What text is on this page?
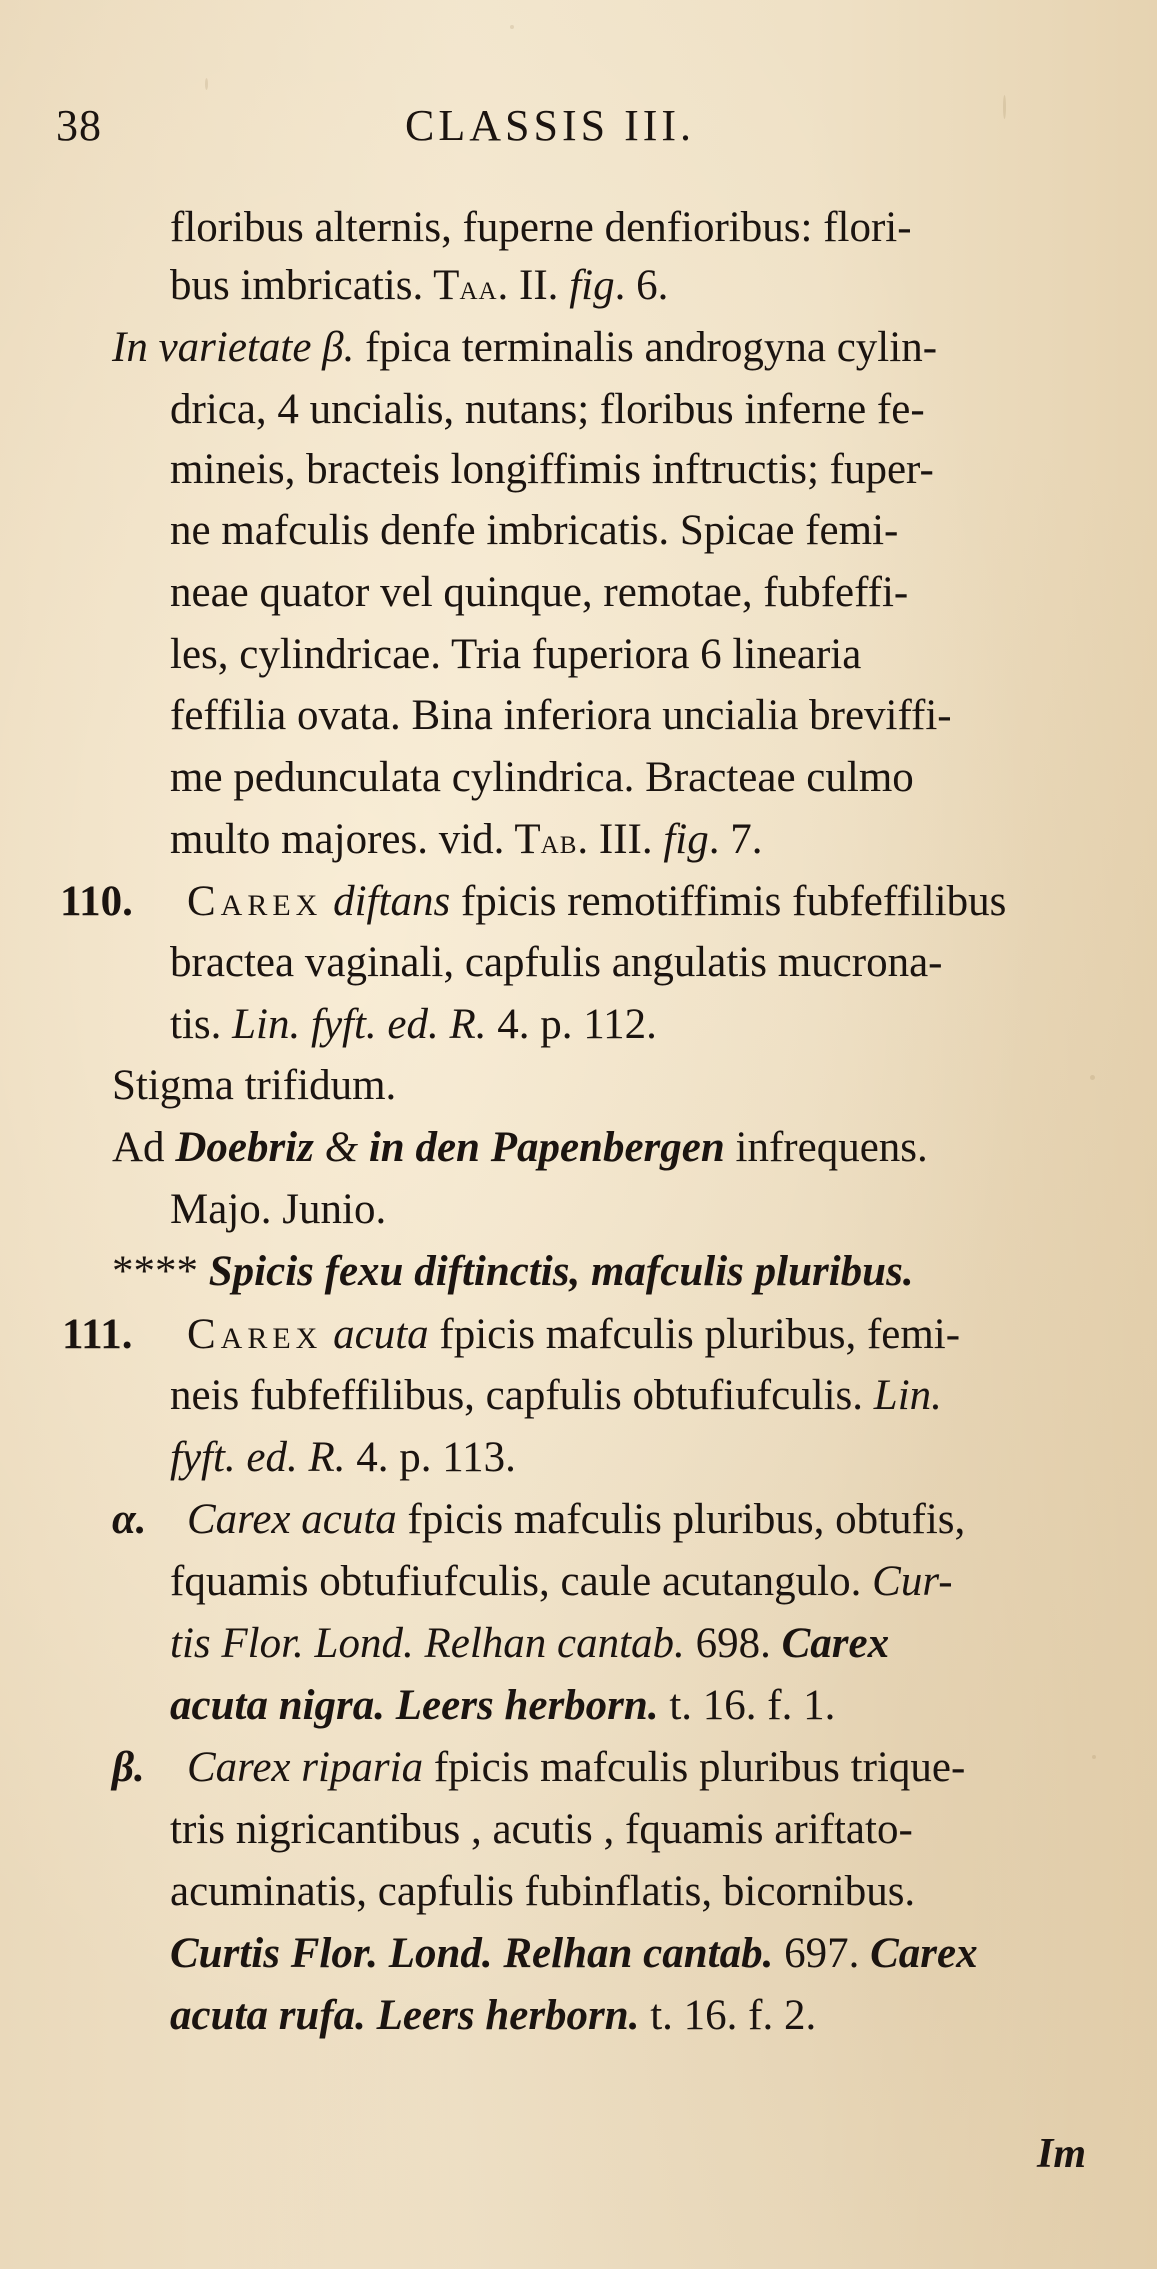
38	CLASSIS III.
floribus alternis, fuperne denfioribus: flori-
bus imbricatis. Taa. II. fig. 6.
In varietate β. fpica terminalis androgyna cylin-
drica, 4 uncialis, nutans; floribus inferne fe-
mineis, bracteis longiffimis inftructis; fuper-
ne mafculis denfe imbricatis. Spicae femi-
neae quator vel quinque, remotae, fubfeffi-
les, cylindricae. Tria fuperiora 6 linearia
feffilia ovata. Bina inferiora uncialia breviffi-
me pedunculata cylindrica. Bracteae culmo
multo majores. vid. Tab. III. fig. 7.
110. Carex diftans fpicis remotiffimis fubfeffilibus
bractea vaginali, capfulis angulatis mucrona-
tis. Lin. fyft. ed. R. 4. p. 112.
Stigma trifidum.
Ad Doebriz & in den Papenbergen infrequens.
Majo. Junio.
**** Spicis fexu diftinctis, mafculis pluribus.
111. Carex acuta fpicis mafculis pluribus, femi-
neis fubfeffilibus, capfulis obtufiufculis. Lin.
fyft. ed. R. 4. p. 113.
α. Carex acuta fpicis mafculis pluribus, obtufis,
fquamis obtufiufculis, caule acutangulo. Cur-
tis Flor. Lond. Relhan cantab. 698. Carex
acuta nigra. Leers herborn. t. 16. f. 1.
β. Carex riparia fpicis mafculis pluribus trique-
tris nigricantibus , acutis , fquamis ariftato-
acuminatis, capfulis fubinflatis, bicornibus.
Curtis Flor. Lond. Relhan cantab. 697. Carex
acuta rufa. Leers herborn. t. 16. f. 2.
Im
